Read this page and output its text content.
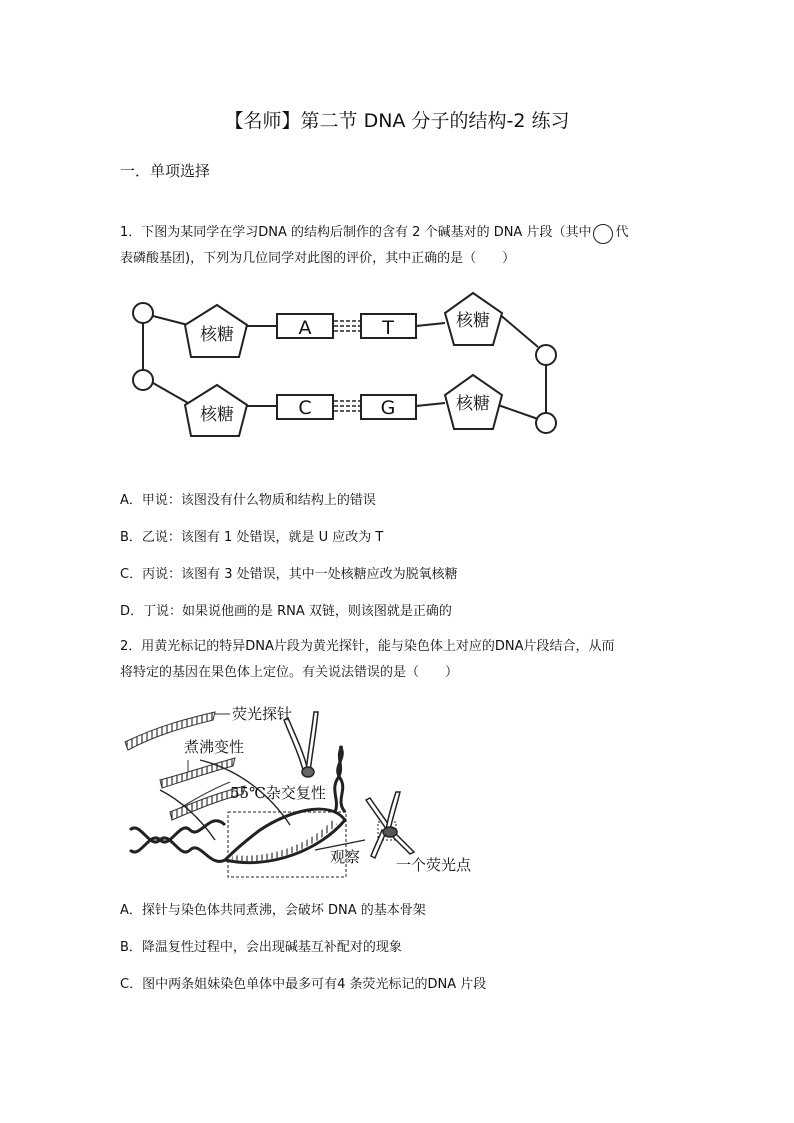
【名师】第二节 DNA 分子的结构-2 练习
一．单项选择
1．下图为某同学在学习DNA 的结构后制作的含有 2 个碱基对的 DNA 片段（其中 代
表磷酸基团)，下列为几位同学对此图的评价，其中正确的是（　　）
核糖
核糖
核糖
核糖
A	T
C	G
A．甲说：该图没有什么物质和结构上的错误
B．乙说：该图有 1 处错误，就是 U 应改为 T
C．丙说：该图有 3 处错误，其中一处核糖应改为脱氧核糖
D．丁说：如果说他画的是 RNA 双链，则该图就是正确的
2．用黄光标记的特异DNA片段为黄光探针，能与染色体上对应的DNA片段结合，从而
将特定的基因在果色体上定位。有关说法错误的是（　　）
荧光探针
煮沸变性
55℃杂交复性
观察 一个荧光点
A．探针与染色体共同煮沸，会破坏 DNA 的基本骨架
B．降温复性过程中，会出现碱基互补配对的现象
C．图中两条姐妹染色单体中最多可有4 条荧光标记的DNA 片段
